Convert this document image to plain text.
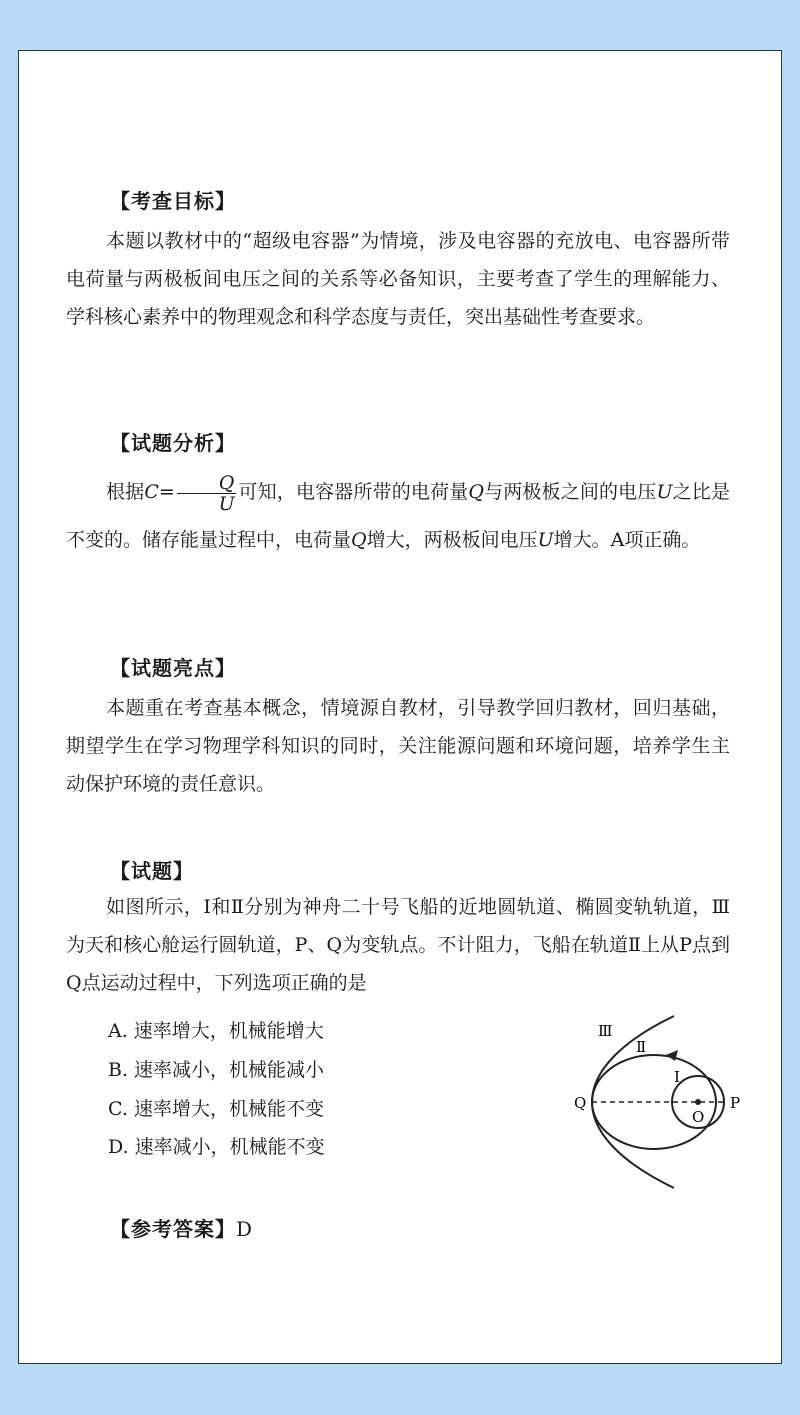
【考查目标】
本题以教材中的“超级电容器”为情境，涉及电容器的充放电、电容器所带电荷量与两极板间电压之间的关系等必备知识，主要考查了学生的理解能力、学科核心素养中的物理观念和科学态度与责任，突出基础性考查要求。
【试题分析】
根据$C= \frac{Q}{U}$ 可知，电容器所带的电荷量Q与两极板之间的电压U之比是不变的。储存能量过程中，电荷量Q增大，两极板间电压U增大。A项正确。
【试题亮点】
本题重在考查基本概念，情境源自教材，引导教学回归教材，回归基础，期望学生在学习物理学科知识的同时，关注能源问题和环境问题，培养学生主动保护环境的责任意识。
【试题】
如图所示，Ⅰ和Ⅱ分别为神舟二十号飞船的近地圆轨道、椭圆变轨轨道，Ⅲ为天和核心舱运行圆轨道，P、Q为变轨点。不计阻力，飞船在轨道Ⅱ上从P点到Q点运动过程中，下列选项正确的是
A. 速率增大，机械能增大
B. 速率减小，机械能减小
C. 速率增大，机械能不变
D. 速率减小，机械能不变
Ⅲ
Ⅱ
Ⅰ
Q	P
O
【参考答案】D
